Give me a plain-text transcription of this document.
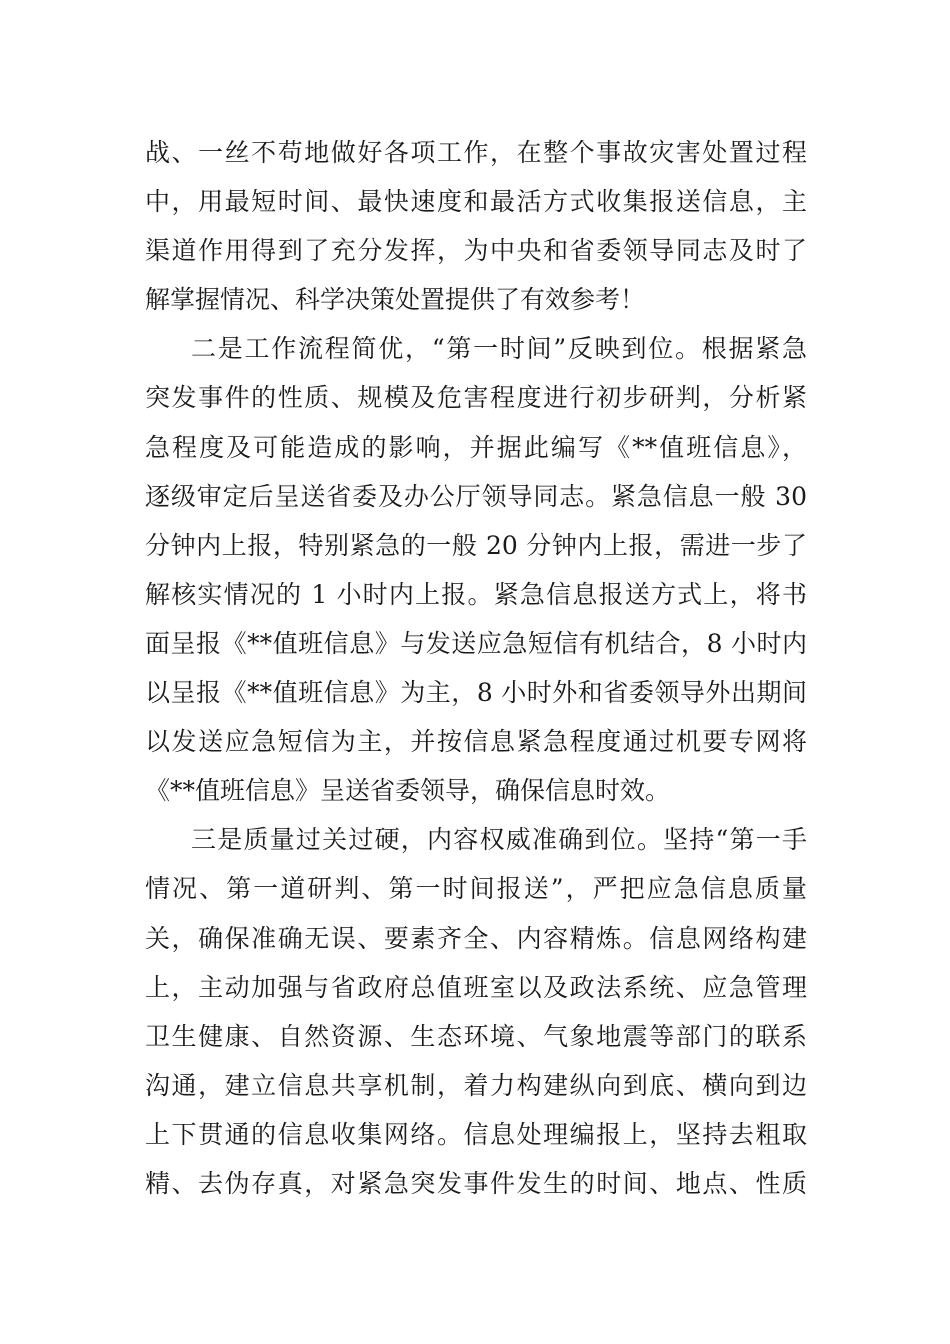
战、一丝不苟地做好各项工作，在整个事故灾害处置过程
中，用最短时间、最快速度和最活方式收集报送信息，主
渠道作用得到了充分发挥，为中央和省委领导同志及时了
解掌握情况、科学决策处置提供了有效参考！
二是工作流程简优，“第一时间”反映到位。根据紧急
突发事件的性质、规模及危害程度进行初步研判，分析紧
急程度及可能造成的影响，并据此编写《**值班信息》，
逐级审定后呈送省委及办公厅领导同志。紧急信息一般 30
分钟内上报，特别紧急的一般 20 分钟内上报，需进一步了
解核实情况的 1 小时内上报。紧急信息报送方式上，将书
面呈报《**值班信息》与发送应急短信有机结合，8 小时内
以呈报《**值班信息》为主，8 小时外和省委领导外出期间
以发送应急短信为主，并按信息紧急程度通过机要专网将
《**值班信息》呈送省委领导，确保信息时效。
三是质量过关过硬，内容权威准确到位。坚持“第一手
情况、第一道研判、第一时间报送”，严把应急信息质量
关，确保准确无误、要素齐全、内容精炼。信息网络构建
上，主动加强与省政府总值班室以及政法系统、应急管理
卫生健康、自然资源、生态环境、气象地震等部门的联系
沟通，建立信息共享机制，着力构建纵向到底、横向到边
上下贯通的信息收集网络。信息处理编报上，坚持去粗取
精、去伪存真，对紧急突发事件发生的时间、地点、性质
